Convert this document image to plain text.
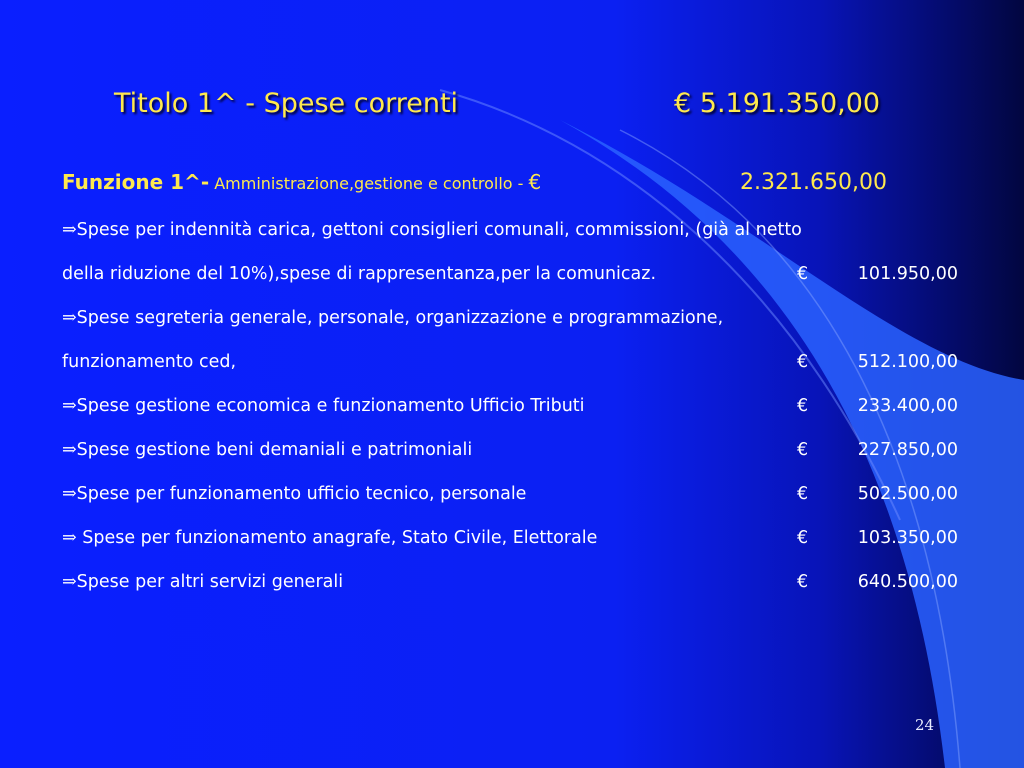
Titolo 1^ - Spese correnti	€ 5.191.350,00
Funzione 1^- Amministrazione,gestione e controllo - €	2.321.650,00
⇒Spese per indennità carica, gettoni consiglieri comunali, commissioni, (già al netto
della riduzione del 10%),spese di rappresentanza,per la comunicaz.	€	101.950,00
⇒Spese segreteria generale, personale, organizzazione e programmazione,
funzionamento ced,	€	512.100,00
⇒Spese gestione economica e funzionamento Ufficio Tributi	€	233.400,00
⇒Spese gestione beni demaniali e patrimoniali	€	227.850,00
⇒Spese per funzionamento ufficio tecnico, personale	€	502.500,00
⇒ Spese per funzionamento anagrafe, Stato Civile, Elettorale	€	103.350,00
⇒Spese per altri servizi generali	€	640.500,00
24
